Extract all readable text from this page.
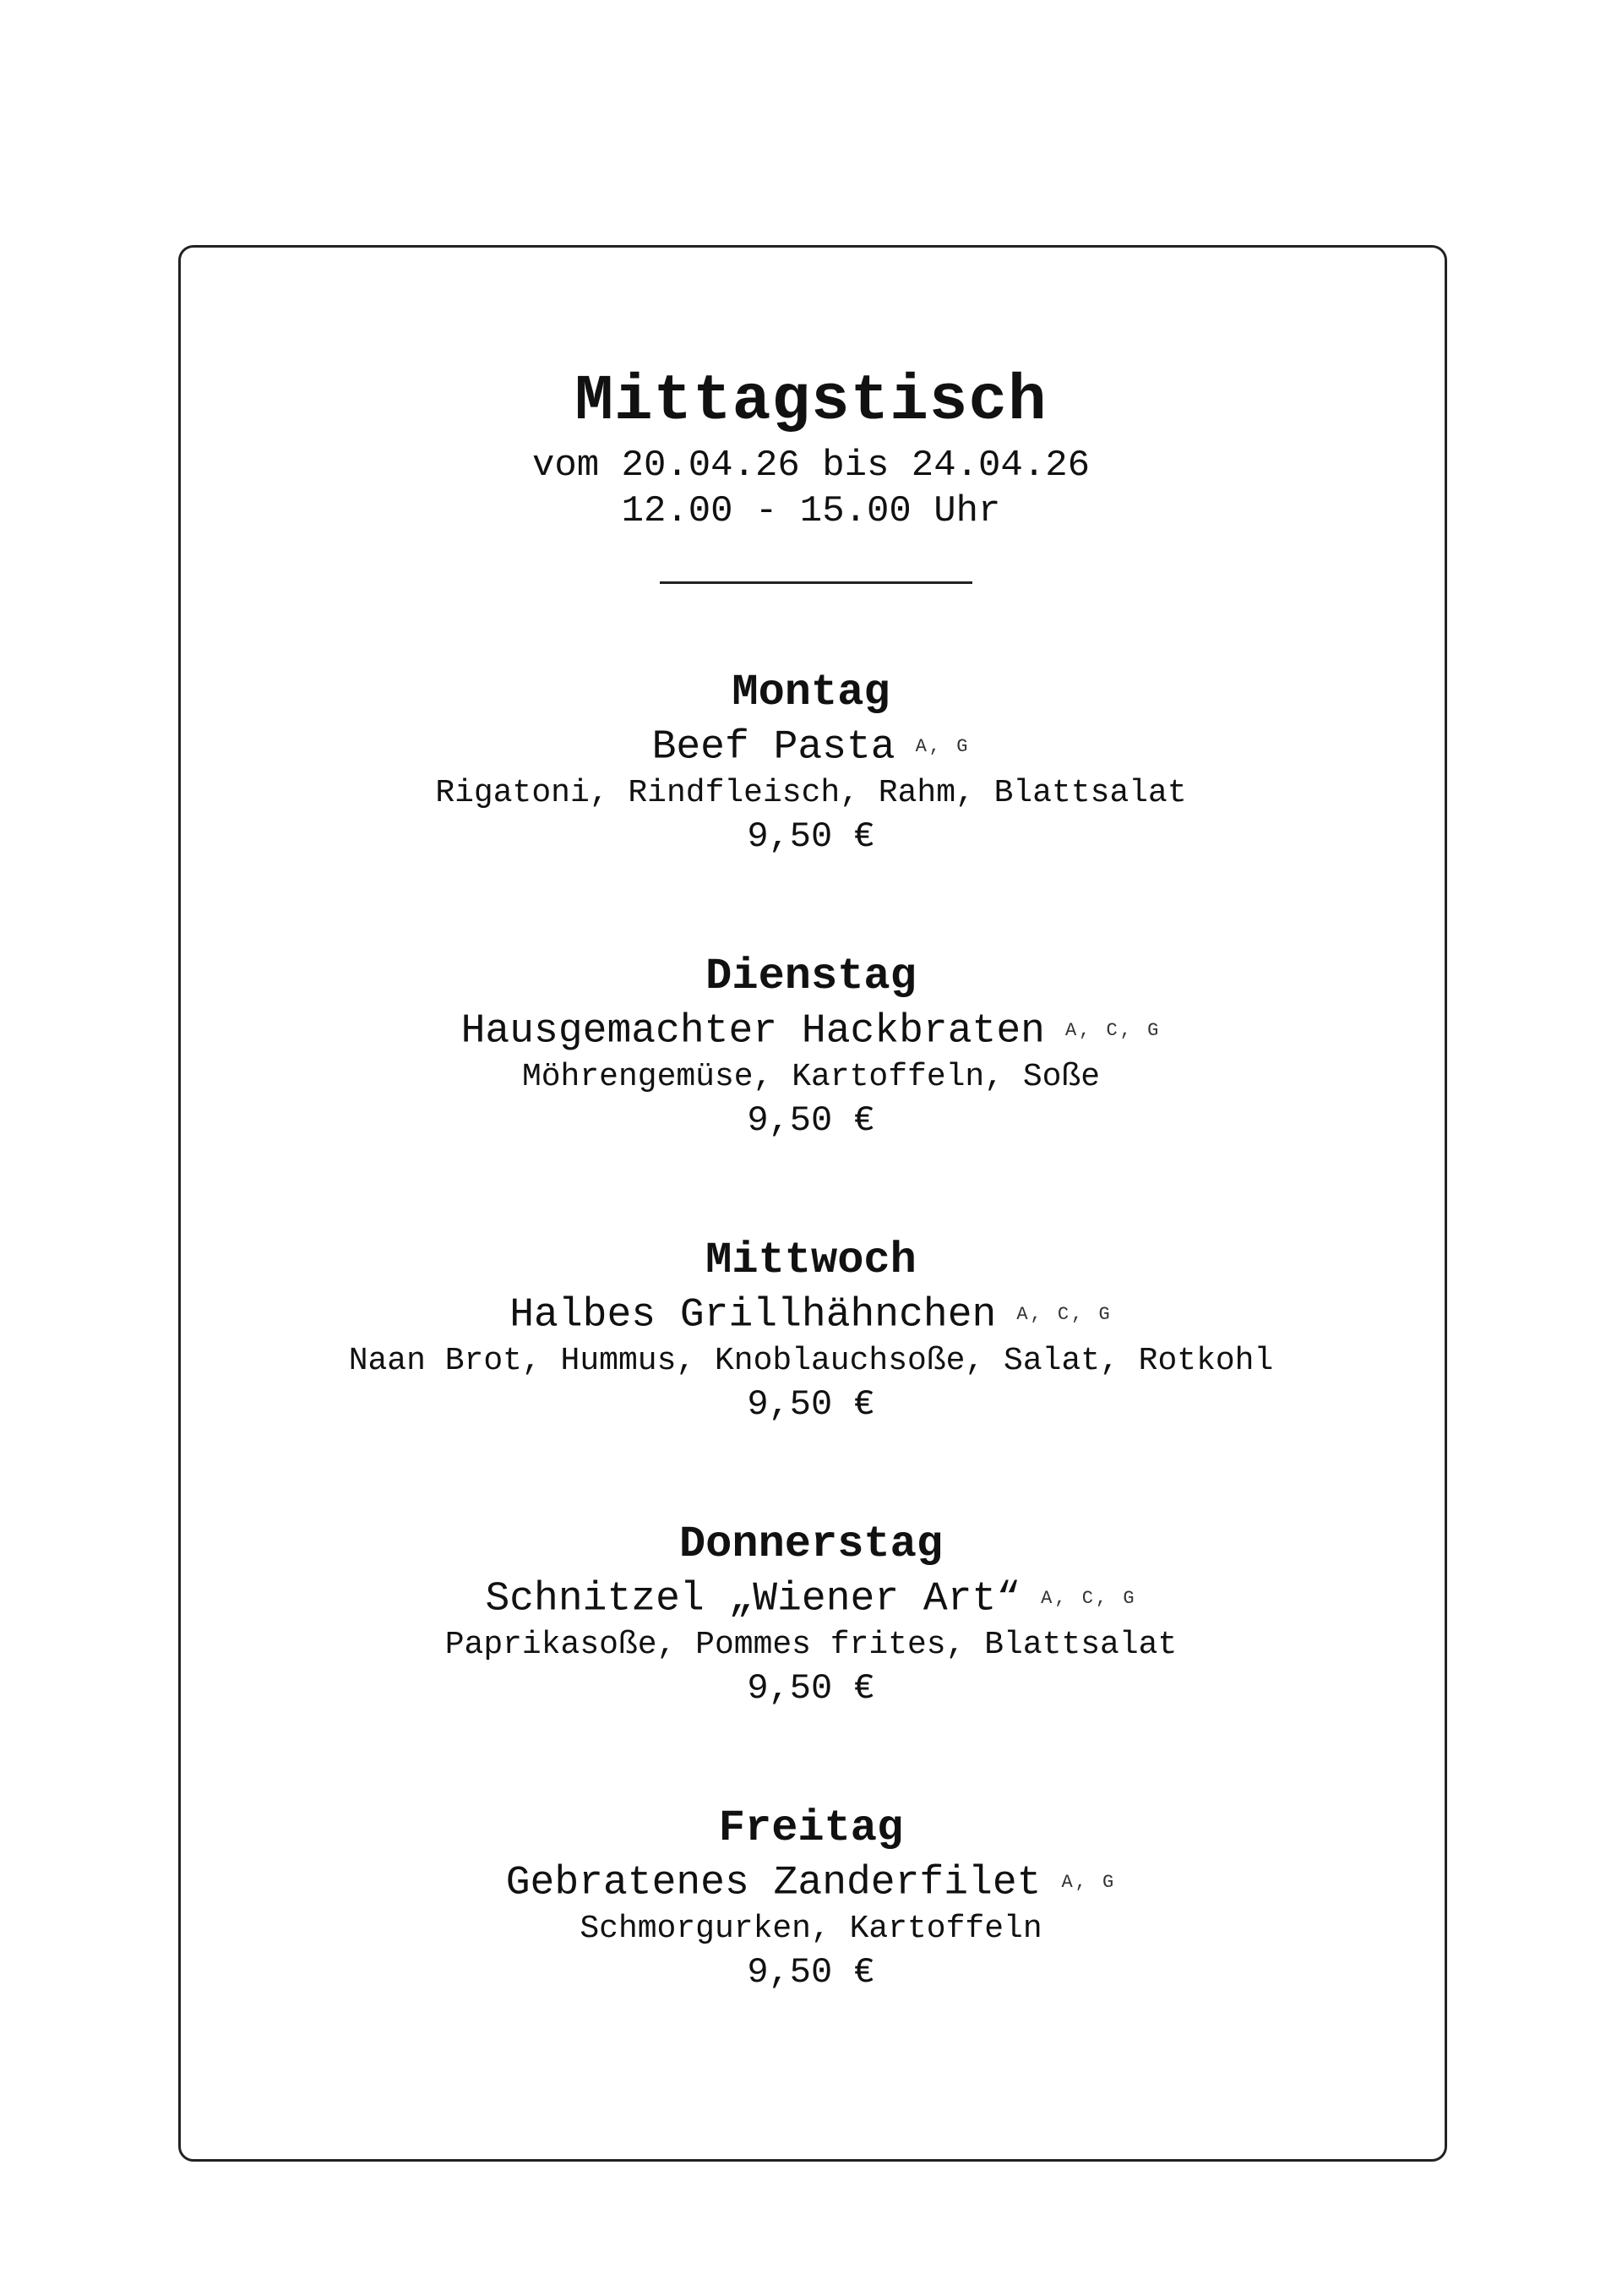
Mittagstisch
vom 20.04.26 bis 24.04.26
12.00 - 15.00 Uhr
Montag
Beef Pasta A, G
Rigatoni, Rindfleisch, Rahm, Blattsalat
9,50 €
Dienstag
Hausgemachter Hackbraten A, C, G
Möhrengemüse, Kartoffeln, Soße
9,50 €
Mittwoch
Halbes Grillhähnchen A, C, G
Naan Brot, Hummus, Knoblauchsoße, Salat, Rotkohl
9,50 €
Donnerstag
Schnitzel „Wiener Art“ A, C, G
Paprikasoße, Pommes frites, Blattsalat
9,50 €
Freitag
Gebratenes Zanderfilet A, G
Schmorgurken, Kartoffeln
9,50 €
